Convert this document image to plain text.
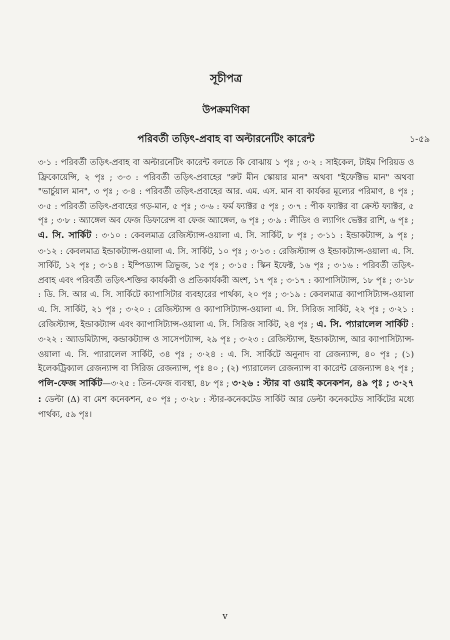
সূচীপত্র
উপক্রমণিকা
পরিবর্তী তড়িৎ-প্রবাহ বা অল্টারনেটিং কারেন্ট	১-৫৯

৩·১ : পরিবর্তী তড়িৎ-প্রবাহ বা অল্টারনেটিং কারেন্ট বলতে কি বোঝায় ১ পৃঃ ; ৩·২ : সাইকেল, টাইম পিরিয়ড ও ফ্রিকোয়েন্সি, ২ পৃঃ ; ৩·৩ : পরিবর্তী তড়িৎ-প্রবাহের "রুট মীন স্কোয়ার মান" অথবা "ইফেক্টিভ মান" অথবা "ভার্চুয়াল মান", ৩ পৃঃ ; ৩·৪ : পরিবর্তী তড়িৎ-প্রবাহের আর. এম. এস. মান বা কার্যকর মূল্যের পরিমাণ, ৪ পৃঃ ; ৩·৫ : পরিবর্তী তড়িৎ-প্রবাহের গড়-মান, ৫ পৃঃ ; ৩·৬ : ফর্ম ফ্যাক্টর ৫ পৃঃ ; ৩·৭ : পীক ফ্যাক্টর বা ক্রেস্ট ফ্যাক্টর, ৫ পৃঃ ; ৩·৮ : অ্যাঙ্গেল অব ফেজ ডিফারেন্স বা ফেজ অ্যাঙ্গেল, ৬ পৃঃ ; ৩·৯ : লীডিং ও ল্যাগিং ভেক্টর রাশি, ৬ পৃঃ ; এ. সি. সার্কিট : ৩·১০ : কেবলমাত্র রেজিস্ট্যান্স-ওয়ালা এ. সি. সার্কিট, ৮ পৃঃ ; ৩·১১ : ইন্ডাকট্যান্স, ৯ পৃঃ ; ৩·১২ : কেবলমাত্র ইন্ডাকট্যান্স-ওয়ালা এ. সি. সার্কিট, ১০ পৃঃ ; ৩·১৩ : রেজিস্ট্যান্স ও ইন্ডাকট্যান্স-ওয়ালা এ. সি. সার্কিট, ১২ পৃঃ ; ৩·১৪ : ইম্পিড্যান্স ত্রিভুজ, ১৫ পৃঃ ; ৩·১৫ : স্কিন ইফেক্ট, ১৬ পৃঃ ; ৩·১৬ : পরিবর্তী তড়িৎ-প্রবাহ এবং পরিবর্তী তড়িৎ-শক্তির কার্যকরী ও প্রতিকার্যকরী অংশ, ১৭ পৃঃ ; ৩·১৭ : ক্যাপাসিট্যান্স, ১৮ পৃঃ ; ৩·১৮ : ডি. সি. আর এ. সি. সার্কিটে ক্যাপাসিটার ব্যবহারের পার্থক্য, ২০ পৃঃ ; ৩·১৯ : কেবলমাত্র ক্যাপাসিট্যান্স-ওয়ালা এ. সি. সার্কিট, ২১ পৃঃ ; ৩·২০ : রেজিস্ট্যান্স ও ক্যাপাসিট্যান্স-ওয়ালা এ. সি. সিরিজ সার্কিট, ২২ পৃঃ ; ৩·২১ : রেজিস্ট্যান্স, ইন্ডাকট্যান্স এবং ক্যাপাসিট্যান্স-ওয়ালা এ. সি. সিরিজ সার্কিট, ২৪ পৃঃ ; এ. সি. প্যারালেল সার্কিট : ৩·২২ : অ্যাডমিট্যান্স, কন্ডাকট্যান্স ও সাসেপট্যান্স, ২৯ পৃঃ ; ৩·২৩ : রেজিস্ট্যান্স, ইন্ডাকট্যান্স, আর ক্যাপাসিট্যান্স-ওয়ালা এ. সি. প্যারালেল সার্কিট, ৩৪ পৃঃ ; ৩·২৪ : এ. সি. সার্কিটে অনুনাদ বা রেজন্যান্স, ৪০ পৃঃ ; (১) ইলেকট্রিক্যাল রেজন্যান্স বা সিরিজ রেজন্যান্স, পৃঃ ৪০ ; (২) প্যারালেল রেজন্যান্স বা কারেন্ট রেজন্যান্স ৪২ পৃঃ ; পলি-ফেজ সার্কিট—৩·২৫ : তিন-ফেজ ব্যবস্থা, ৪৮ পৃঃ ; ৩·২৬ : স্টার বা ওয়াই কনেকশন, ৪৯ পৃঃ ; ৩·২৭ : ডেল্টা (Δ) বা মেশ কনেকশন, ৫০ পৃঃ ; ৩·২৮ : স্টার-কনেকটেড সার্কিট আর ডেল্টা কনেকটেড সার্কিটের মধ্যে পার্থক্য, ৫৯ পৃঃ।

v
